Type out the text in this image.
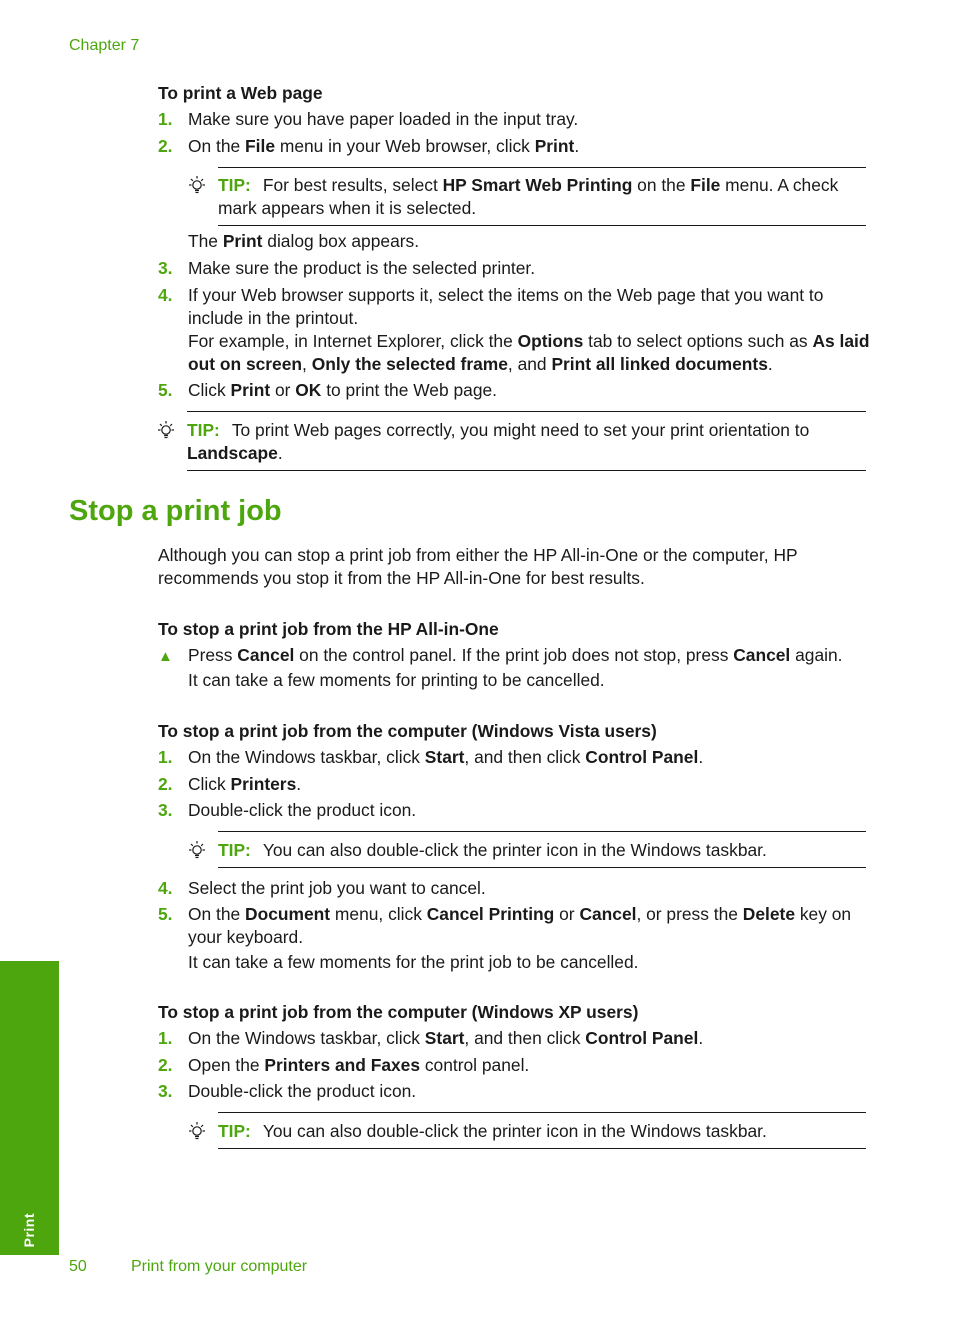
Chapter 7
To print a Web page
1. Make sure you have paper loaded in the input tray.
2. On the File menu in your Web browser, click Print.
TIP: For best results, select HP Smart Web Printing on the File menu. A check mark appears when it is selected.
The Print dialog box appears.
3. Make sure the product is the selected printer.
4. If your Web browser supports it, select the items on the Web page that you want to include in the printout.
For example, in Internet Explorer, click the Options tab to select options such as As laid out on screen, Only the selected frame, and Print all linked documents.
5. Click Print or OK to print the Web page.
TIP: To print Web pages correctly, you might need to set your print orientation to Landscape.
Stop a print job
Although you can stop a print job from either the HP All-in-One or the computer, HP recommends you stop it from the HP All-in-One for best results.
To stop a print job from the HP All-in-One
▲ Press Cancel on the control panel. If the print job does not stop, press Cancel again.
It can take a few moments for printing to be cancelled.
To stop a print job from the computer (Windows Vista users)
1. On the Windows taskbar, click Start, and then click Control Panel.
2. Click Printers.
3. Double-click the product icon.
TIP: You can also double-click the printer icon in the Windows taskbar.
4. Select the print job you want to cancel.
5. On the Document menu, click Cancel Printing or Cancel, or press the Delete key on your keyboard.
It can take a few moments for the print job to be cancelled.
To stop a print job from the computer (Windows XP users)
1. On the Windows taskbar, click Start, and then click Control Panel.
2. Open the Printers and Faxes control panel.
3. Double-click the product icon.
TIP: You can also double-click the printer icon in the Windows taskbar.
Print
50	Print from your computer
